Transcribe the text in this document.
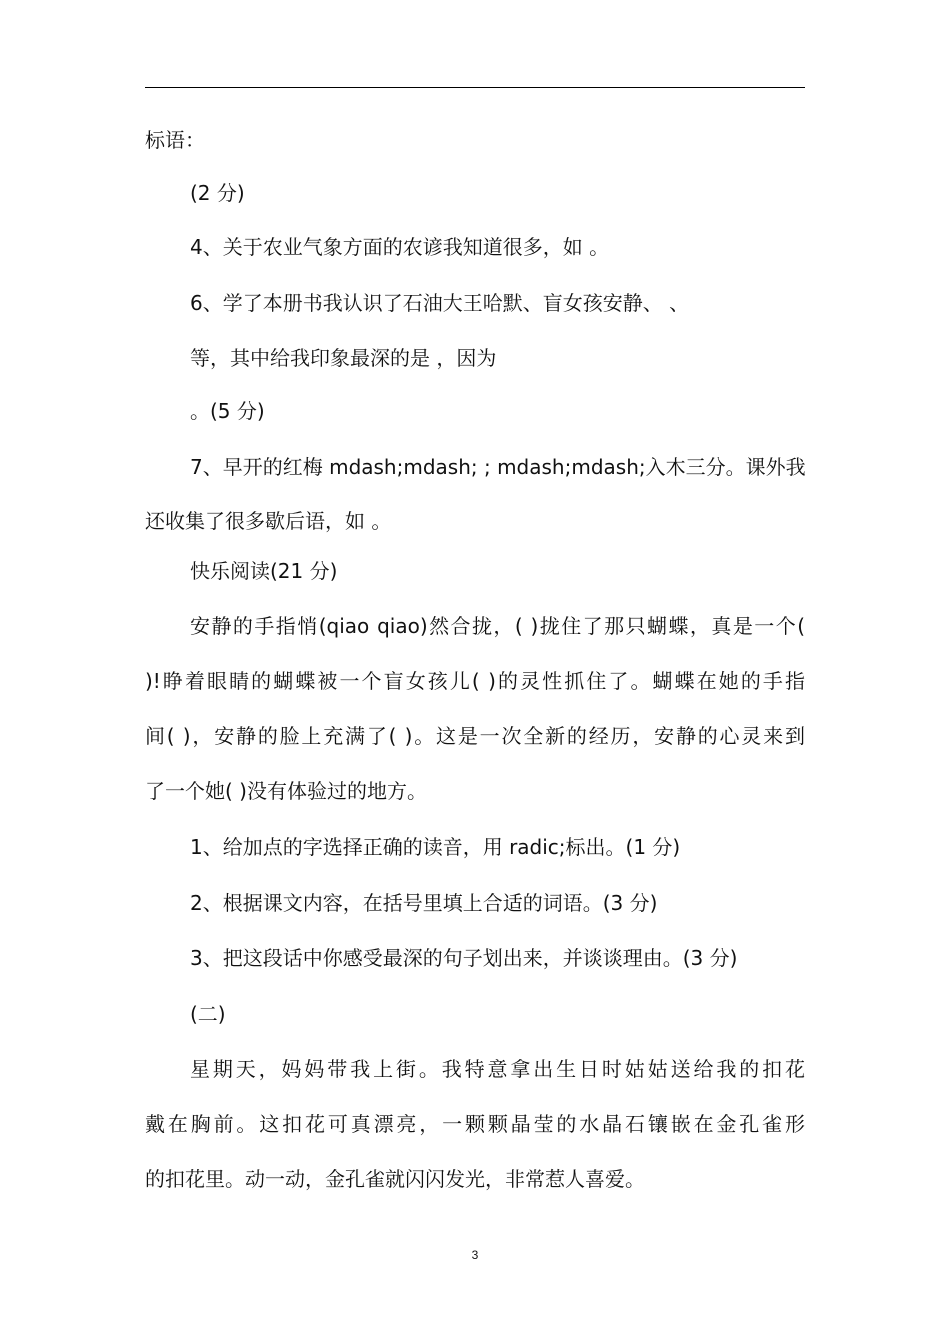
标语：
(2 分)
4、关于农业气象方面的农谚我知道很多，如 。
6、学了本册书我认识了石油大王哈默、盲女孩安静、 、
等，其中给我印象最深的是 ，因为
。(5 分)
7、早开的红梅 mdash;mdash; ; mdash;mdash;入木三分。课外我
还收集了很多歇后语，如 。
快乐阅读(21 分)
安静的手指悄(qiao qiao)然合拢，( )拢住了那只蝴蝶，真是一个(
)!睁着眼睛的蝴蝶被一个盲女孩儿( )的灵性抓住了。蝴蝶在她的手指
间( )，安静的脸上充满了( )。这是一次全新的经历，安静的心灵来到
了一个她( )没有体验过的地方。
1、给加点的字选择正确的读音，用 radic;标出。(1 分)
2、根据课文内容，在括号里填上合适的词语。(3 分)
3、把这段话中你感受最深的句子划出来，并谈谈理由。(3 分)
(二)
星期天，妈妈带我上街。我特意拿出生日时姑姑送给我的扣花
戴在胸前。这扣花可真漂亮，一颗颗晶莹的水晶石镶嵌在金孔雀形
的扣花里。动一动，金孔雀就闪闪发光，非常惹人喜爱。
3
